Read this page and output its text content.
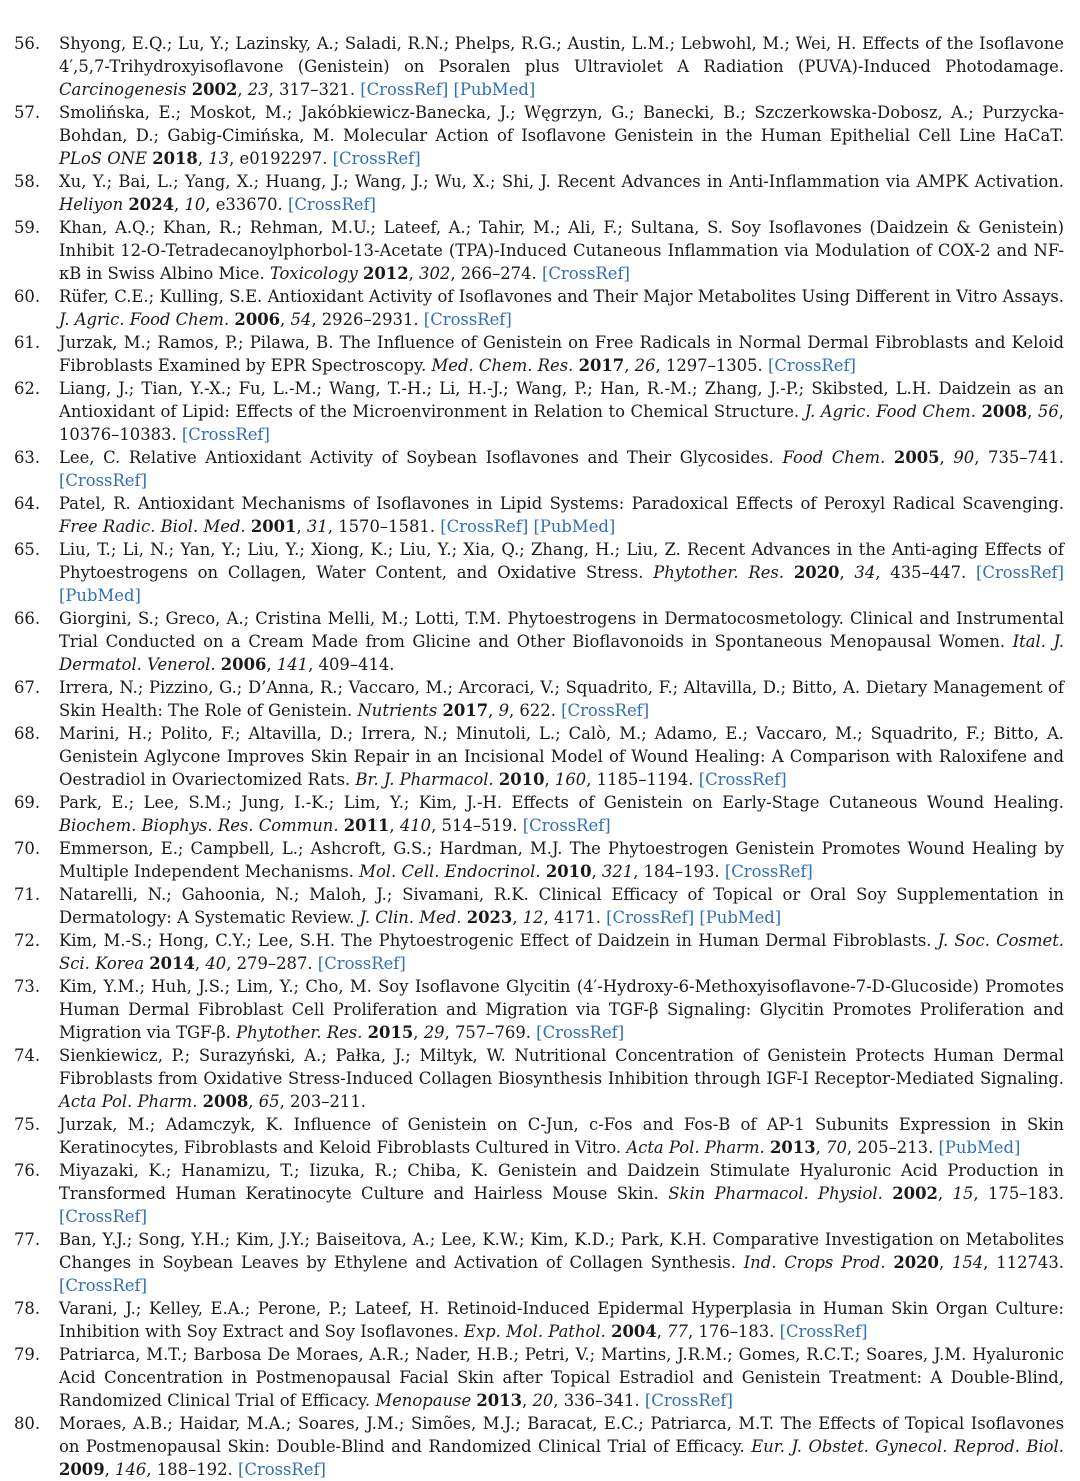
56. Shyong, E.Q.; Lu, Y.; Lazinsky, A.; Saladi, R.N.; Phelps, R.G.; Austin, L.M.; Lebwohl, M.; Wei, H. Effects of the Isoflavone 4′,5,7-Trihydroxyisoflavone (Genistein) on Psoralen plus Ultraviolet A Radiation (PUVA)-Induced Photodamage. Carcinogenesis 2002, 23, 317–321. [CrossRef] [PubMed]
57. Smolińska, E.; Moskot, M.; Jakóbkiewicz-Banecka, J.; Węgrzyn, G.; Banecki, B.; Szczerkowska-Dobosz, A.; Purzycka-Bohdan, D.; Gabig-Cimińska, M. Molecular Action of Isoflavone Genistein in the Human Epithelial Cell Line HaCaT. PLoS ONE 2018, 13, e0192297. [CrossRef]
58. Xu, Y.; Bai, L.; Yang, X.; Huang, J.; Wang, J.; Wu, X.; Shi, J. Recent Advances in Anti-Inflammation via AMPK Activation. Heliyon 2024, 10, e33670. [CrossRef]
59. Khan, A.Q.; Khan, R.; Rehman, M.U.; Lateef, A.; Tahir, M.; Ali, F.; Sultana, S. Soy Isoflavones (Daidzein & Genistein) Inhibit 12-O-Tetradecanoylphorbol-13-Acetate (TPA)-Induced Cutaneous Inflammation via Modulation of COX-2 and NF-κB in Swiss Albino Mice. Toxicology 2012, 302, 266–274. [CrossRef]
60. Rüfer, C.E.; Kulling, S.E. Antioxidant Activity of Isoflavones and Their Major Metabolites Using Different in Vitro Assays. J. Agric. Food Chem. 2006, 54, 2926–2931. [CrossRef]
61. Jurzak, M.; Ramos, P.; Pilawa, B. The Influence of Genistein on Free Radicals in Normal Dermal Fibroblasts and Keloid Fibroblasts Examined by EPR Spectroscopy. Med. Chem. Res. 2017, 26, 1297–1305. [CrossRef]
62. Liang, J.; Tian, Y.-X.; Fu, L.-M.; Wang, T.-H.; Li, H.-J.; Wang, P.; Han, R.-M.; Zhang, J.-P.; Skibsted, L.H. Daidzein as an Antioxidant of Lipid: Effects of the Microenvironment in Relation to Chemical Structure. J. Agric. Food Chem. 2008, 56, 10376–10383. [CrossRef]
63. Lee, C. Relative Antioxidant Activity of Soybean Isoflavones and Their Glycosides. Food Chem. 2005, 90, 735–741. [CrossRef]
64. Patel, R. Antioxidant Mechanisms of Isoflavones in Lipid Systems: Paradoxical Effects of Peroxyl Radical Scavenging. Free Radic. Biol. Med. 2001, 31, 1570–1581. [CrossRef] [PubMed]
65. Liu, T.; Li, N.; Yan, Y.; Liu, Y.; Xiong, K.; Liu, Y.; Xia, Q.; Zhang, H.; Liu, Z. Recent Advances in the Anti-aging Effects of Phytoestrogens on Collagen, Water Content, and Oxidative Stress. Phytother. Res. 2020, 34, 435–447. [CrossRef] [PubMed]
66. Giorgini, S.; Greco, A.; Cristina Melli, M.; Lotti, T.M. Phytoestrogens in Dermatocosmetology. Clinical and Instrumental Trial Conducted on a Cream Made from Glicine and Other Bioflavonoids in Spontaneous Menopausal Women. Ital. J. Dermatol. Venerol. 2006, 141, 409–414.
67. Irrera, N.; Pizzino, G.; D’Anna, R.; Vaccaro, M.; Arcoraci, V.; Squadrito, F.; Altavilla, D.; Bitto, A. Dietary Management of Skin Health: The Role of Genistein. Nutrients 2017, 9, 622. [CrossRef]
68. Marini, H.; Polito, F.; Altavilla, D.; Irrera, N.; Minutoli, L.; Calò, M.; Adamo, E.; Vaccaro, M.; Squadrito, F.; Bitto, A. Genistein Aglycone Improves Skin Repair in an Incisional Model of Wound Healing: A Comparison with Raloxifene and Oestradiol in Ovariectomized Rats. Br. J. Pharmacol. 2010, 160, 1185–1194. [CrossRef]
69. Park, E.; Lee, S.M.; Jung, I.-K.; Lim, Y.; Kim, J.-H. Effects of Genistein on Early-Stage Cutaneous Wound Healing. Biochem. Biophys. Res. Commun. 2011, 410, 514–519. [CrossRef]
70. Emmerson, E.; Campbell, L.; Ashcroft, G.S.; Hardman, M.J. The Phytoestrogen Genistein Promotes Wound Healing by Multiple Independent Mechanisms. Mol. Cell. Endocrinol. 2010, 321, 184–193. [CrossRef]
71. Natarelli, N.; Gahoonia, N.; Maloh, J.; Sivamani, R.K. Clinical Efficacy of Topical or Oral Soy Supplementation in Dermatology: A Systematic Review. J. Clin. Med. 2023, 12, 4171. [CrossRef] [PubMed]
72. Kim, M.-S.; Hong, C.Y.; Lee, S.H. The Phytoestrogenic Effect of Daidzein in Human Dermal Fibroblasts. J. Soc. Cosmet. Sci. Korea 2014, 40, 279–287. [CrossRef]
73. Kim, Y.M.; Huh, J.S.; Lim, Y.; Cho, M. Soy Isoflavone Glycitin (4′-Hydroxy-6-Methoxyisoflavone-7-D-Glucoside) Promotes Human Dermal Fibroblast Cell Proliferation and Migration via TGF-β Signaling: Glycitin Promotes Proliferation and Migration via TGF-β. Phytother. Res. 2015, 29, 757–769. [CrossRef]
74. Sienkiewicz, P.; Surazyński, A.; Pałka, J.; Miltyk, W. Nutritional Concentration of Genistein Protects Human Dermal Fibroblasts from Oxidative Stress-Induced Collagen Biosynthesis Inhibition through IGF-I Receptor-Mediated Signaling. Acta Pol. Pharm. 2008, 65, 203–211.
75. Jurzak, M.; Adamczyk, K. Influence of Genistein on C-Jun, c-Fos and Fos-B of AP-1 Subunits Expression in Skin Keratinocytes, Fibroblasts and Keloid Fibroblasts Cultured in Vitro. Acta Pol. Pharm. 2013, 70, 205–213. [PubMed]
76. Miyazaki, K.; Hanamizu, T.; Iizuka, R.; Chiba, K. Genistein and Daidzein Stimulate Hyaluronic Acid Production in Transformed Human Keratinocyte Culture and Hairless Mouse Skin. Skin Pharmacol. Physiol. 2002, 15, 175–183. [CrossRef]
77. Ban, Y.J.; Song, Y.H.; Kim, J.Y.; Baiseitova, A.; Lee, K.W.; Kim, K.D.; Park, K.H. Comparative Investigation on Metabolites Changes in Soybean Leaves by Ethylene and Activation of Collagen Synthesis. Ind. Crops Prod. 2020, 154, 112743. [CrossRef]
78. Varani, J.; Kelley, E.A.; Perone, P.; Lateef, H. Retinoid-Induced Epidermal Hyperplasia in Human Skin Organ Culture: Inhibition with Soy Extract and Soy Isoflavones. Exp. Mol. Pathol. 2004, 77, 176–183. [CrossRef]
79. Patriarca, M.T.; Barbosa De Moraes, A.R.; Nader, H.B.; Petri, V.; Martins, J.R.M.; Gomes, R.C.T.; Soares, J.M. Hyaluronic Acid Concentration in Postmenopausal Facial Skin after Topical Estradiol and Genistein Treatment: A Double-Blind, Randomized Clinical Trial of Efficacy. Menopause 2013, 20, 336–341. [CrossRef]
80. Moraes, A.B.; Haidar, M.A.; Soares, J.M.; Simões, M.J.; Baracat, E.C.; Patriarca, M.T. The Effects of Topical Isoflavones on Postmenopausal Skin: Double-Blind and Randomized Clinical Trial of Efficacy. Eur. J. Obstet. Gynecol. Reprod. Biol. 2009, 146, 188–192. [CrossRef]
